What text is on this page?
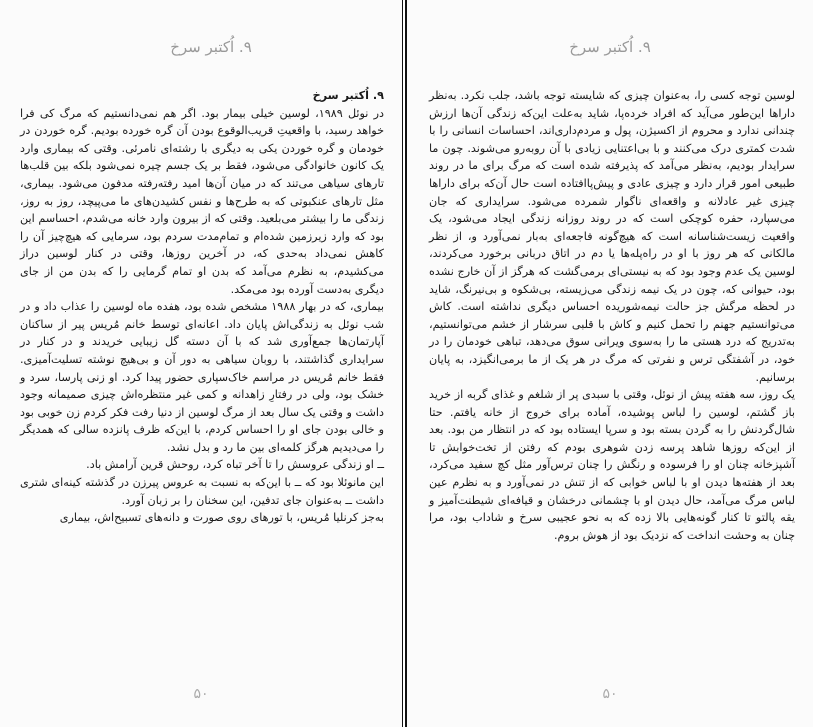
۹. اُکتبر سرخ

۹. اُکتبر سرخ

در نوئل ۱۹۸۹، لوسین خیلی بیمار بود. اگر هم نمی‌دانستیم که مرگ کی فرا خواهد رسید، با واقعیتِ قریب‌الوقوع بودن آن گره خورده بودیم. گره خوردن در خودمان و گره خوردن یکی به دیگری با رشته‌ای نامرئی. وقتی که بیماری وارد یک کانون خانوادگی می‌شود، فقط بر یک جسم چیره نمی‌شود بلکه بین قلب‌ها تارهای سیاهی می‌تند که در میان آن‌ها امید رفته‌رفته مدفون می‌شود. بیماری، مثل تارهای عنکبوتی که به طرح‌ها و نفس کشیدن‌های ما می‌پیچد، روز به روز، زندگی ما را بیشتر می‌بلعید. وقتی که از بیرون وارد خانه می‌شدم، احساسم این بود که وارد زیرزمین شده‌ام و تمام‌مدت سردم بود، سرمایی که هیچ‌چیز آن را کاهش نمی‌داد به‌حدی که، در آخرین روزها، وقتی در کنار لوسین دراز می‌کشیدم، به نظرم می‌آمد که بدن او تمام گرمایی را که بدن من از جای دیگری به‌دست آورده بود می‌مکد.

بیماری، که در بهار ۱۹۸۸ مشخص شده بود، هفده ماه لوسین را عذاب داد و در شب نوئل به زندگی‌اش پایان داد. اعانه‌ای توسط خانم مُریس پیر از ساکنان آپارتمان‌ها جمع‌آوری شد که با آن دسته گل زیبایی خریدند و در کنار در سرایداری گذاشتند، با روبان سیاهی به دور آن و بی‌هیچ نوشته تسلیت‌آمیزی. فقط خانم مُریس در مراسم خاک‌سپاری حضور پیدا کرد. او زنی پارسا، سرد و خشک بود، ولی در رفتارِ زاهدانه و کمی غیر منتظره‌اش چیزی صمیمانه وجود داشت و وقتی یک سال بعد از مرگ لوسین از دنیا رفت فکر کردم زن خوبی بود و خالی بودن جای او را احساس کردم، با این‌که ظرف پانزده سالی که همدیگر را می‌دیدیم هرگز کلمه‌ای بین ما رد و بدل نشد.

ــ او زندگی عروسش را تا آخر تباه کرد، روحش قرین آرامش باد.

این مانوئلا بود که ــ با این‌که به نسبت به عروس پیرزن در گذشته کینه‌ای شتری داشت ــ به‌عنوان جای تدفین، این سخنان را بر زبان آورد.

به‌جز کرنلیا مُریس، با تورهای روی صورت و دانه‌های تسبیح‌اش، بیماری

۵۰
۹. اُکتبر سرخ

لوسین توجه کسی را، به‌عنوان چیزی که شایسته توجه باشد، جلب نکرد. به‌نظر دارا‌ها این‌طور می‌آید که افراد خرده‌پا، شاید به‌علت این‌که زندگی آن‌ها ارزش چندانی ندارد و محروم از اکسیژن، پول و مردم‌داری‌اند، احساسات انسانی را با شدت کمتری درک می‌کنند و با بی‌اعتنایی زیادی با آن روبه‌رو می‌شوند. چون ما سرایدار بودیم، به‌نظر می‌آمد که پذیرفته شده است که مرگ برای ما در روند طبیعی امور قرار دارد و چیزی عادی و پیش‌پاافتاده است حال آن‌که برای دارا‌ها چیزی غیر عادلانه و واقعه‌ای ناگوار شمرده می‌شود. سرایداری که جان می‌سپارد، حفره کوچکی است که در روند روزانه زندگی ایجاد می‌شود، یک واقعیت زیست‌شناسانه است که هیچ‌گونه فاجعه‌ای به‌بار نمی‌آورد و، از نظر مالکانی که هر روز با او در راه‌پله‌ها یا دم در اتاق دربانی برخورد می‌کردند، لوسین یک عدم وجود بود که به نیستی‌ای برمی‌گشت که هرگز از آن خارج نشده بود، حیوانی که، چون در یک نیمه زندگی می‌زیسته، بی‌شکوه و بی‌نیرنگ، شاید در لحظه مرگش جز حالت نیمه‌شوریده احساس دیگری نداشته است. کاش می‌توانستیم جهنم را تحمل کنیم و کاش با قلبی سرشار از خشم می‌توانستیم، به‌تدریج که درد هستی ما را به‌سوی ویرانی سوق می‌دهد، تباهی خودمان را در خود، در آشفتگی ترس و نفرتی که مرگ در هر یک از ما برمی‌انگیزد، به پایان برسانیم.

یک روز، سه هفته پیش از نوئل، وقتی با سبدی پر از شلغم و غذای گربه از خرید باز گشتم، لوسین را لباس پوشیده، آماده برای خروج از خانه یافتم. حتا شال‌گردنش را به گردن بسته بود و سرپا ایستاده بود که در انتظار من بود. بعد از این‌که روزها شاهد پرسه زدن شوهری بودم که رفتن از تخت‌خوابش تا آشپزخانه چنان او را فرسوده و رنگش را چنان ترس‌آور مثل کچ سفید می‌کرد، بعد از هفته‌ها دیدن او با لباس خوابی که از تنش در نمی‌آورد و به نظرم عین لباس مرگ می‌آمد، حال دیدن او با چشمانی درخشان و قیافه‌ای شیطنت‌آمیز و یقه پالتو تا کنار گونه‌هایی بالا زده که به نحو عجیبی سرخ و شاداب بود، مرا چنان به وحشت انداخت که نزدیک بود از هوش بروم.

۵۰
